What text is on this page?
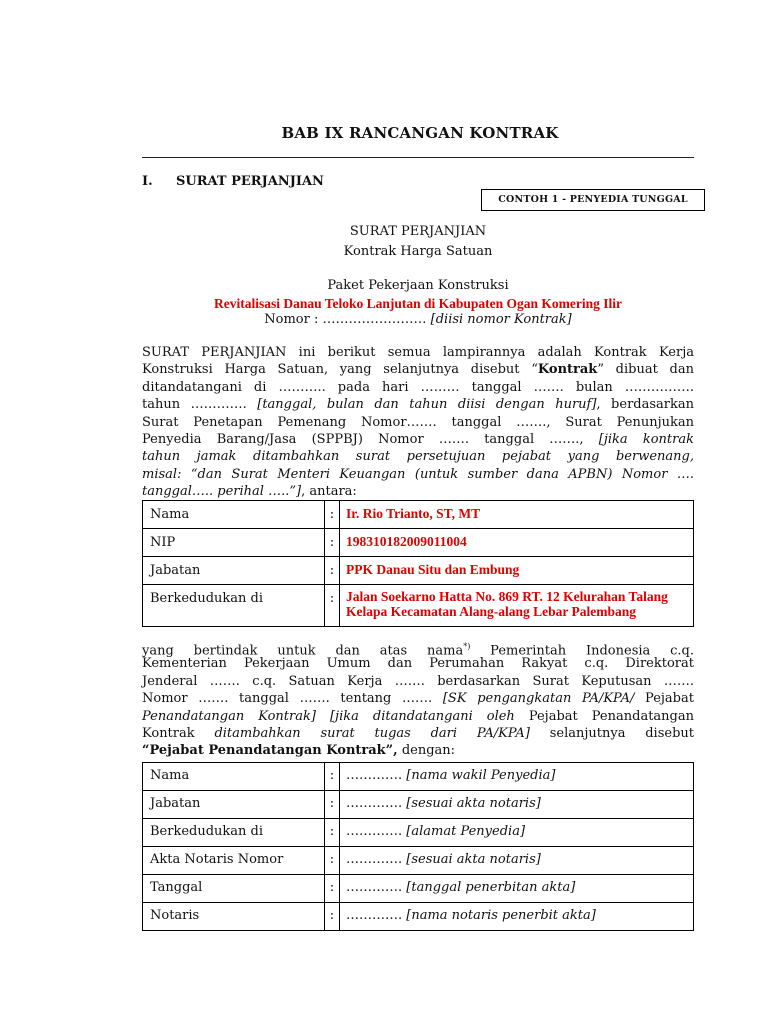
BAB IX RANCANGAN KONTRAK
I. SURAT PERJANJIAN
CONTOH 1 - PENYEDIA TUNGGAL
SURAT PERJANJIAN
Kontrak Harga Satuan
Paket Pekerjaan Konstruksi
Revitalisasi Danau Teloko Lanjutan di Kabupaten Ogan Komering Ilir
Nomor : …………………… [diisi nomor Kontrak]
SURAT PERJANJIAN ini berikut semua lampirannya adalah Kontrak Kerja
Konstruksi Harga Satuan, yang selanjutnya disebut “Kontrak” dibuat dan
ditandatangani di ……….. pada hari ……… tanggal ……. bulan …………….
tahun …………. [tanggal, bulan dan tahun diisi dengan huruf], berdasarkan
Surat Penetapan Pemenang Nomor……. tanggal ……., Surat Penunjukan
Penyedia Barang/Jasa (SPPBJ) Nomor ……. tanggal ……., [jika kontrak
tahun jamak ditambahkan surat persetujuan pejabat yang berwenang,
misal: “dan Surat Menteri Keuangan (untuk sumber dana APBN) Nomor ….
tanggal….. perihal …..”], antara:
Nama	:	Ir. Rio Trianto, ST, MT
NIP	:	198310182009011004
Jabatan	:	PPK Danau Situ dan Embung
Berkedudukan di	:	Jalan Soekarno Hatta No. 869 RT. 12 Kelurahan Talang
Kelapa Kecamatan Alang-alang Lebar Palembang
yang bertindak untuk dan atas nama*) Pemerintah Indonesia c.q.
Kementerian Pekerjaan Umum dan Perumahan Rakyat c.q. Direktorat
Jenderal ……. c.q. Satuan Kerja ……. berdasarkan Surat Keputusan …….
Nomor ……. tanggal ……. tentang ……. [SK pengangkatan PA/KPA/ Pejabat
Penandatangan Kontrak] [jika ditandatangani oleh Pejabat Penandatangan
Kontrak ditambahkan surat tugas dari PA/KPA] selanjutnya disebut
“Pejabat Penandatangan Kontrak”, dengan:
Nama	:	…………. [nama wakil Penyedia]
Jabatan	:	…………. [sesuai akta notaris]
Berkedudukan di	:	…………. [alamat Penyedia]
Akta Notaris Nomor	:	…………. [sesuai akta notaris]
Tanggal	:	…………. [tanggal penerbitan akta]
Notaris	:	…………. [nama notaris penerbit akta]
